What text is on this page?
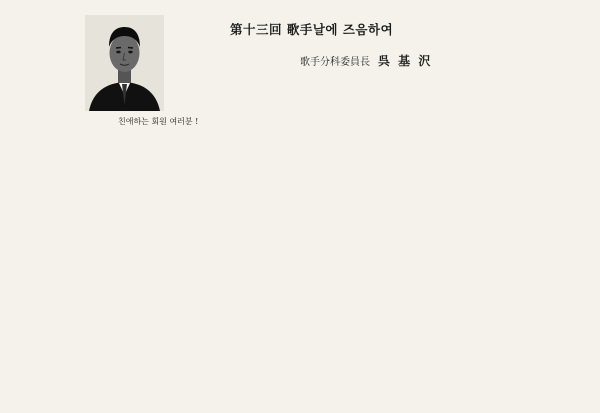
第十三回 歌手날에 즈음하여
歌手分科委員長 呉 基 沢
친애하는 회원 여러분 !
